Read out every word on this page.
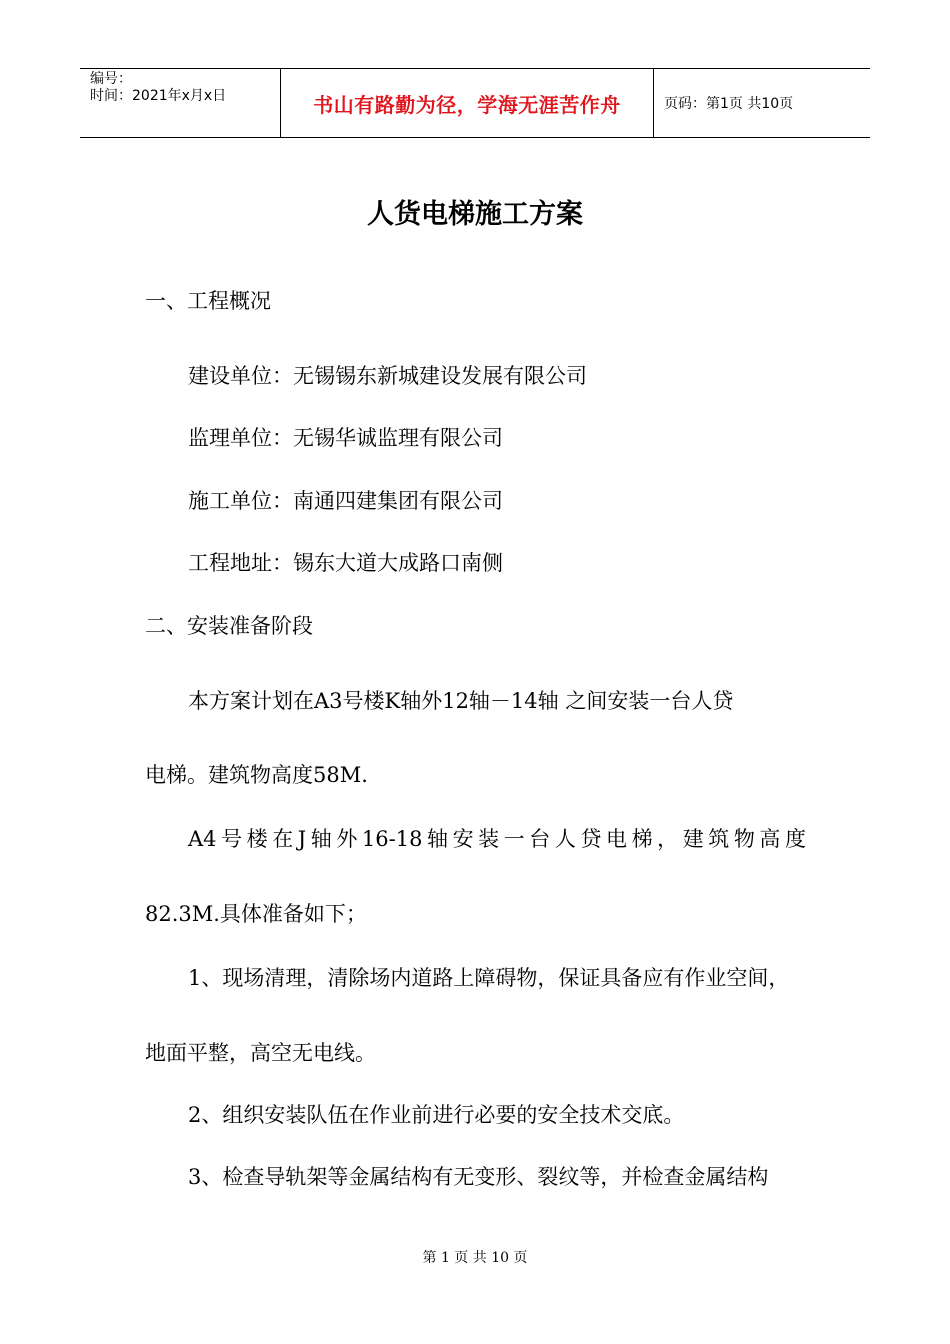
编号：
时间：2021年x月x日	书山有路勤为径，学海无涯苦作舟	页码：第1页 共10页
人货电梯施工方案
一、工程概况
建设单位：无锡锡东新城建设发展有限公司
监理单位：无锡华诚监理有限公司
施工单位：南通四建集团有限公司
工程地址：锡东大道大成路口南侧
二、安装准备阶段
本方案计划在A3号楼K轴外12轴－14轴 之间安装一台人贷
电梯。建筑物高度58M.
A4号楼在J轴外16-18轴安装一台人贷电梯，建筑物高度
82.3M.具体准备如下；
1、现场清理，清除场内道路上障碍物，保证具备应有作业空间，
地面平整，高空无电线。
2、组织安装队伍在作业前进行必要的安全技术交底。
3、检查导轨架等金属结构有无变形、裂纹等，并检查金属结构
第 1 页 共 10 页
